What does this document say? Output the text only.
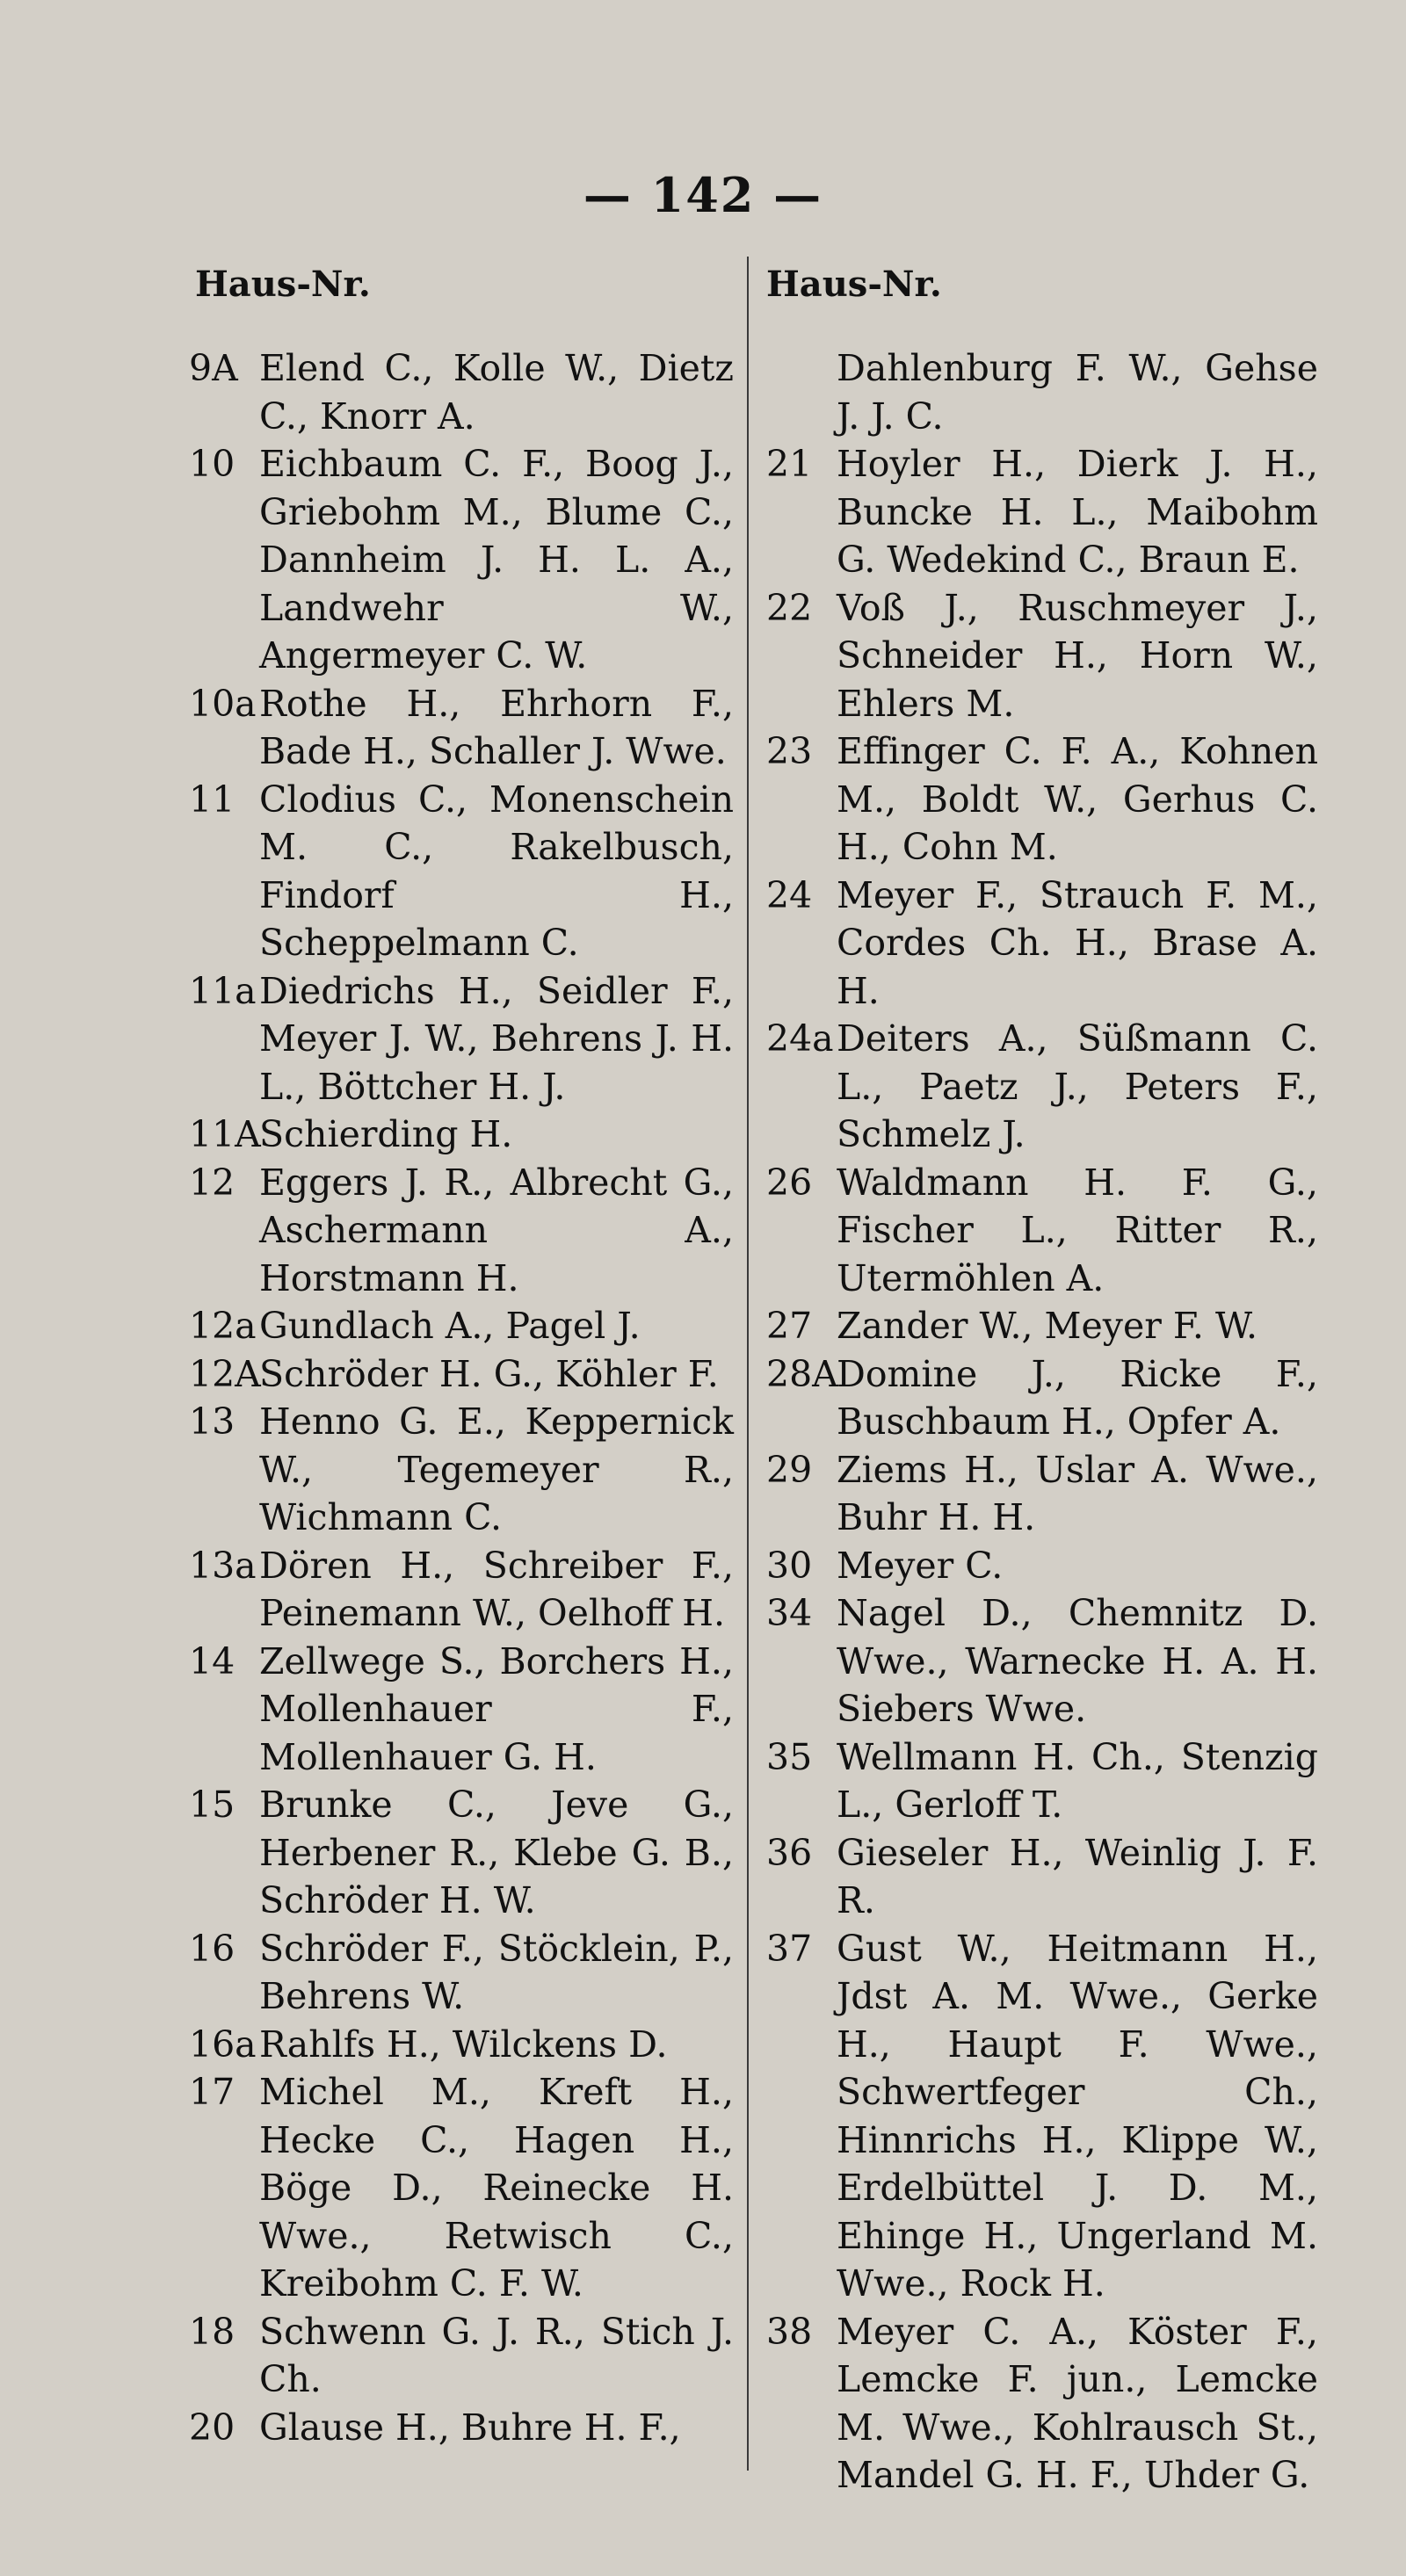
— 142 —
Haus-Nr.	Haus-Nr.
9A Elend C., Kolle W., Dietz C., Knorr A.
10 Eichbaum C. F., Boog J., Griebohm M., Blume C., Dannheim J. H. L. A., Landwehr W., Angermeyer C. W.
10a Rothe H., Ehrhorn F., Bade H., Schaller J. Wwe.
11 Clodius C., Monenschein M. C., Rakelbusch, Findorf H., Scheppelmann C.
11a Diedrichs H., Seidler F., Meyer J. W., Behrens J. H. L., Böttcher H. J.
11A
Schierding H.
12 Eggers J. R., Albrecht G., Aschermann A., Horstmann H.
12a Gundlach A., Pagel J.
12A
Schröder H. G., Köhler F.
13 Henno G. E., Keppernick W., Tegemeyer R., Wichmann C.
13a Dören H., Schreiber F., Peinemann W., Oelhoff H.
14 Zellwege S., Borchers H., Mollenhauer F., Mollenhauer G. H.
15 Brunke C., Jeve G., Herbener R., Klebe G. B., Schröder H. W.
16 Schröder F., Stöcklein, P., Behrens W.
16a Rahlfs H., Wilckens D.
17 Michel M., Kreft H., Hecke C., Hagen H., Böge D., Reinecke H. Wwe., Retwisch C., Kreibohm C. F. W.
18 Schwenn G. J. R., Stich J. Ch.
20 Glause H., Buhre H. F.,
Dahlenburg F. W., Gehse J. J. C.
21 Hoyler H., Dierk J. H., Buncke H. L., Maibohm G. Wedekind C., Braun E.
22 Voß J., Ruschmeyer J., Schneider H., Horn W., Ehlers M.
23 Effinger C. F. A., Kohnen M., Boldt W., Gerhus C. H., Cohn M.
24 Meyer F., Strauch F. M., Cordes Ch. H., Brase A. H.
24a Deiters A., Süßmann C. L., Paetz J., Peters F., Schmelz J.
26 Waldmann H. F. G., Fischer L., Ritter R., Utermöhlen A.
27 Zander W., Meyer F. W.
28A
Domine J., Ricke F., Buschbaum H., Opfer A.
29 Ziems H., Uslar A. Wwe., Buhr H. H.
30 Meyer C.
34 Nagel D., Chemnitz D. Wwe., Warnecke H. A. H. Siebers Wwe.
35 Wellmann H. Ch., Stenzig L., Gerloff T.
36 Gieseler H., Weinlig J. F. R.
37 Gust W., Heitmann H., Jdst A. M. Wwe., Gerke H., Haupt F. Wwe., Schwertfeger Ch., Hinnrichs H., Klippe W., Erdelbüttel J. D. M., Ehinge H., Ungerland M. Wwe., Rock H.
38 Meyer C. A., Köster F., Lemcke F. jun., Lemcke M. Wwe., Kohlrausch St., Mandel G. H. F., Uhder G.
